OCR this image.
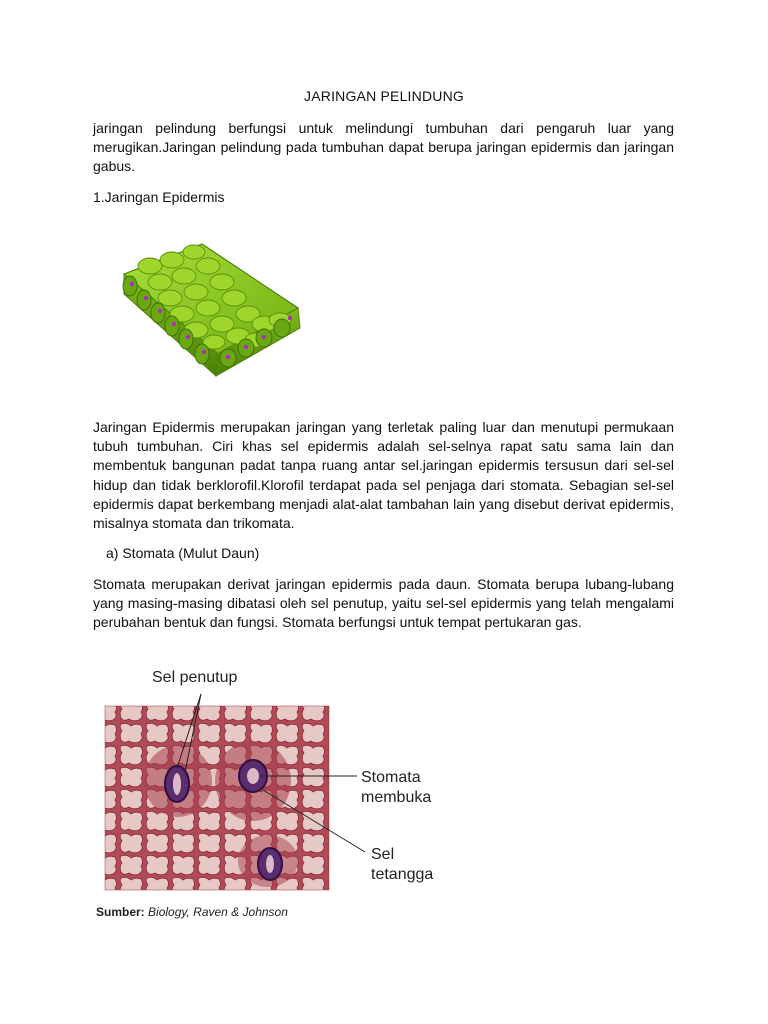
JARINGAN PELINDUNG

jaringan pelindung berfungsi untuk melindungi tumbuhan dari pengaruh luar yang merugikan.Jaringan pelindung pada tumbuhan dapat berupa jaringan epidermis dan jaringan gabus.

1.Jaringan Epidermis

Jaringan Epidermis merupakan jaringan yang terletak paling luar dan menutupi permukaan tubuh tumbuhan. Ciri khas sel epidermis adalah sel-selnya rapat satu sama lain dan membentuk bangunan padat tanpa ruang antar sel.jaringan epidermis tersusun dari sel-sel hidup dan tidak berklorofil.Klorofil terdapat pada sel penjaga dari stomata. Sebagian sel-sel epidermis dapat berkembang menjadi alat-alat tambahan lain yang disebut derivat epidermis, misalnya stomata dan trikomata.

a) Stomata (Mulut Daun)

Stomata merupakan derivat jaringan epidermis pada daun. Stomata berupa lubang-lubang yang masing-masing dibatasi oleh sel penutup, yaitu sel-sel epidermis yang telah mengalami perubahan bentuk dan fungsi. Stomata berfungsi untuk tempat pertukaran gas.

Sel penutup
Stomata
membuka
Sel
tetangga
Sumber: Biology, Raven & Johnson
